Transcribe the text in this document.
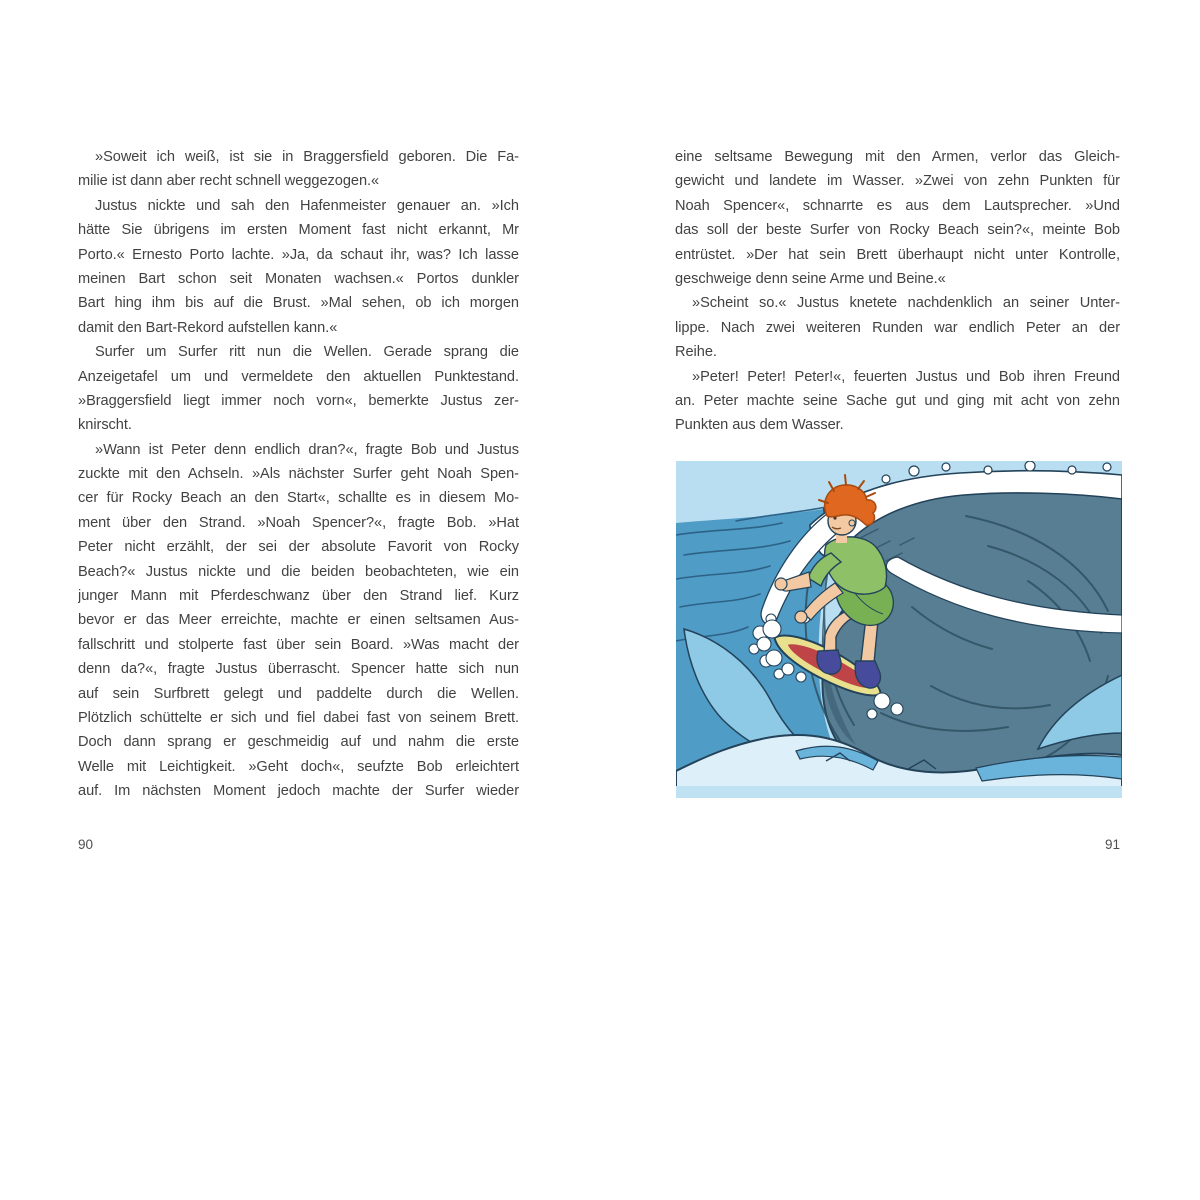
»Soweit ich weiß, ist sie in Braggersfield geboren. Die Fa-
milie ist dann aber recht schnell weggezogen.«
Justus nickte und sah den Hafenmeister genauer an. »Ich
hätte Sie übrigens im ersten Moment fast nicht erkannt, Mr
Porto.« Ernesto Porto lachte. »Ja, da schaut ihr, was? Ich lasse
meinen Bart schon seit Monaten wachsen.« Portos dunkler
Bart hing ihm bis auf die Brust. »Mal sehen, ob ich morgen
damit den Bart-Rekord aufstellen kann.«
Surfer um Surfer ritt nun die Wellen. Gerade sprang die
Anzeigetafel um und vermeldete den aktuellen Punktestand.
»Braggersfield liegt immer noch vorn«, bemerkte Justus zer-
knirscht.
»Wann ist Peter denn endlich dran?«, fragte Bob und Justus
zuckte mit den Achseln. »Als nächster Surfer geht Noah Spen-
cer für Rocky Beach an den Start«, schallte es in diesem Mo-
ment über den Strand. »Noah Spencer?«, fragte Bob. »Hat
Peter nicht erzählt, der sei der absolute Favorit von Rocky
Beach?« Justus nickte und die beiden beobachteten, wie ein
junger Mann mit Pferdeschwanz über den Strand lief. Kurz
bevor er das Meer erreichte, machte er einen seltsamen Aus-
fallschritt und stolperte fast über sein Board. »Was macht der
denn da?«, fragte Justus überrascht. Spencer hatte sich nun
auf sein Surfbrett gelegt und paddelte durch die Wellen.
Plötzlich schüttelte er sich und fiel dabei fast von seinem Brett.
Doch dann sprang er geschmeidig auf und nahm die erste
Welle mit Leichtigkeit. »Geht doch«, seufzte Bob erleichtert
auf. Im nächsten Moment jedoch machte der Surfer wieder
eine seltsame Bewegung mit den Armen, verlor das Gleich-
gewicht und landete im Wasser. »Zwei von zehn Punkten für
Noah Spencer«, schnarrte es aus dem Lautsprecher. »Und
das soll der beste Surfer von Rocky Beach sein?«, meinte Bob
entrüstet. »Der hat sein Brett überhaupt nicht unter Kontrolle,
geschweige denn seine Arme und Beine.«
»Scheint so.« Justus knetete nachdenklich an seiner Unter-
lippe. Nach zwei weiteren Runden war endlich Peter an der
Reihe.
»Peter! Peter! Peter!«, feuerten Justus und Bob ihren Freund
an. Peter machte seine Sache gut und ging mit acht von zehn
Punkten aus dem Wasser.
90	91
